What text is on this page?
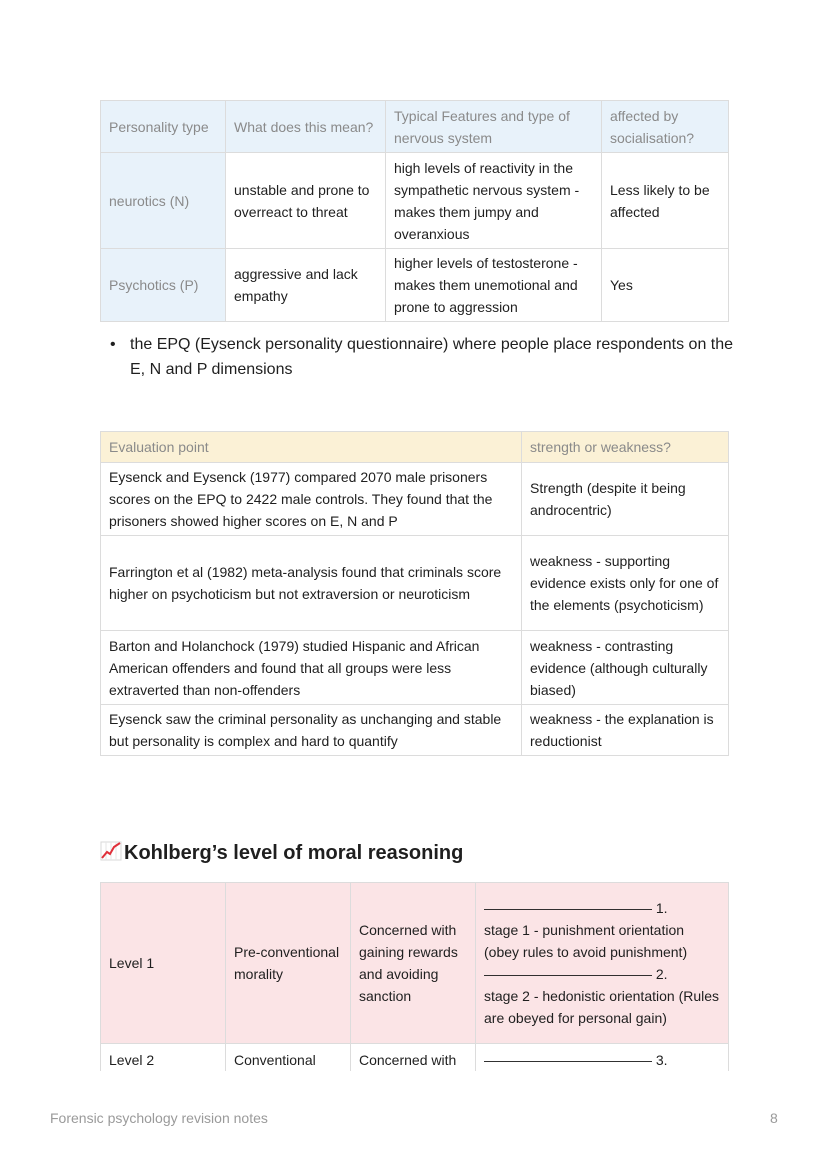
Personality type	What does this mean?	Typical Features and type of nervous system	affected by socialisation?
neurotics (N)	unstable and prone to overreact to threat	high levels of reactivity in the sympathetic nervous system - makes them jumpy and overanxious	Less likely to be affected
Psychotics (P)	aggressive and lack empathy	higher levels of testosterone - makes them unemotional and prone to aggression	Yes
• the EPQ (Eysenck personality questionnaire) where people place respondents on the E, N and P dimensions
Evaluation point	strength or weakness?
Eysenck and Eysenck (1977) compared 2070 male prisoners scores on the EPQ to 2422 male controls. They found that the prisoners showed higher scores on E, N and P	Strength (despite it being androcentric)
Farrington et al (1982) meta-analysis found that criminals score higher on psychoticism but not extraversion or neuroticism	weakness - supporting evidence exists only for one of the elements (psychoticism)
Barton and Holanchock (1979) studied Hispanic and African American offenders and found that all groups were less extraverted than non-offenders	weakness - contrasting evidence (although culturally biased)
Eysenck saw the criminal personality as unchanging and stable but personality is complex and hard to quantify	weakness - the explanation is reductionist
Kohlberg’s level of moral reasoning
Level 1	Pre-conventional morality	Concerned with gaining rewards and avoiding sanction	———————————— 1.
stage 1 - punishment orientation (obey rules to avoid punishment)
———————————— 2.
stage 2 - hedonistic orientation (Rules are obeyed for personal gain)

Level 2	Conventional	Concerned with	———————————— 3.
Forensic psychology revision notes	8
